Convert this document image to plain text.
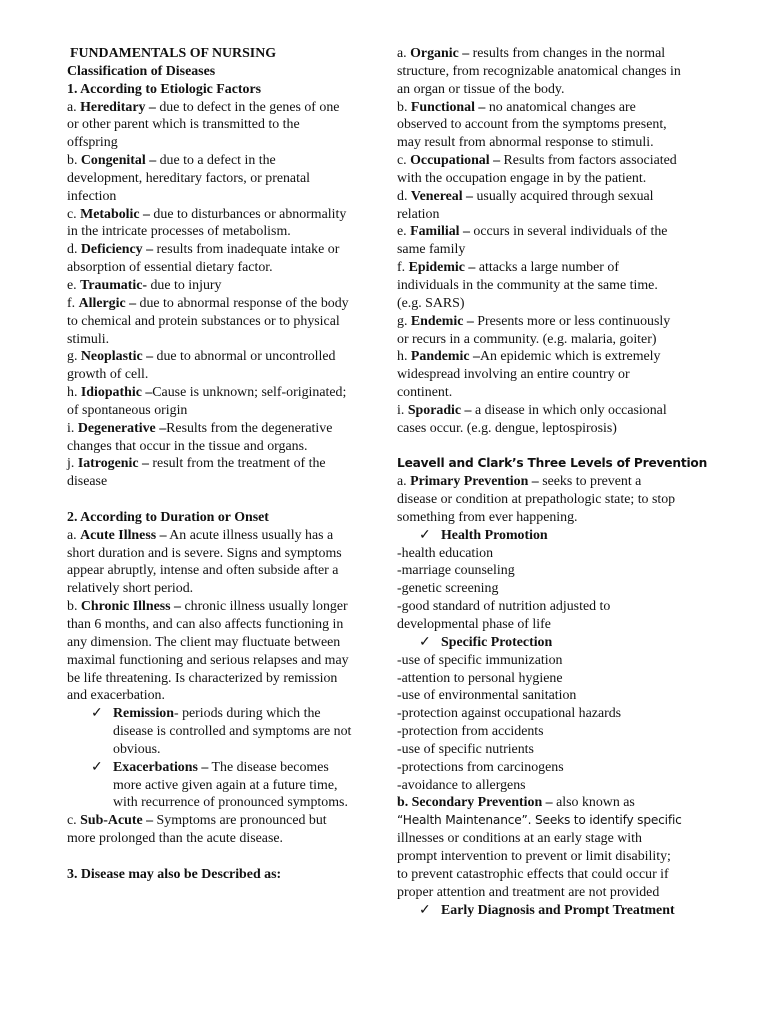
FUNDAMENTALS OF NURSING
Classification of Diseases
1. According to Etiologic Factors
a. Hereditary – due to defect in the genes of one
or other parent which is transmitted to the
offspring
b. Congenital – due to a defect in the
development, hereditary factors, or prenatal
infection
c. Metabolic – due to disturbances or abnormality
in the intricate processes of metabolism.
d. Deficiency – results from inadequate intake or
absorption of essential dietary factor.
e. Traumatic- due to injury
f. Allergic – due to abnormal response of the body
to chemical and protein substances or to physical
stimuli.
g. Neoplastic – due to abnormal or uncontrolled
growth of cell.
h. Idiopathic –Cause is unknown; self-originated;
of spontaneous origin
i. Degenerative –Results from the degenerative
changes that occur in the tissue and organs.
j. Iatrogenic – result from the treatment of the
disease
2. According to Duration or Onset
a. Acute Illness – An acute illness usually has a
short duration and is severe. Signs and symptoms
appear abruptly, intense and often subside after a
relatively short period.
b. Chronic Illness – chronic illness usually longer
than 6 months, and can also affects functioning in
any dimension. The client may fluctuate between
maximal functioning and serious relapses and may
be life threatening. Is characterized by remission
and exacerbation.
✓ Remission- periods during which the
disease is controlled and symptoms are not
obvious.
✓ Exacerbations – The disease becomes
more active given again at a future time,
with recurrence of pronounced symptoms.
c. Sub-Acute – Symptoms are pronounced but
more prolonged than the acute disease.
3. Disease may also be Described as:
a. Organic – results from changes in the normal
structure, from recognizable anatomical changes in
an organ or tissue of the body.
b. Functional – no anatomical changes are
observed to account from the symptoms present,
may result from abnormal response to stimuli.
c. Occupational – Results from factors associated
with the occupation engage in by the patient.
d. Venereal – usually acquired through sexual
relation
e. Familial – occurs in several individuals of the
same family
f. Epidemic – attacks a large number of
individuals in the community at the same time.
(e.g. SARS)
g. Endemic – Presents more or less continuously
or recurs in a community. (e.g. malaria, goiter)
h. Pandemic –An epidemic which is extremely
widespread involving an entire country or
continent.
i. Sporadic – a disease in which only occasional
cases occur. (e.g. dengue, leptospirosis)
Leavell and Clark’s Three Levels of Prevention
a. Primary Prevention – seeks to prevent a
disease or condition at prepathologic state; to stop
something from ever happening.
✓ Health Promotion
-health education
-marriage counseling
-genetic screening
-good standard of nutrition adjusted to
developmental phase of life
✓ Specific Protection
-use of specific immunization
-attention to personal hygiene
-use of environmental sanitation
-protection against occupational hazards
-protection from accidents
-use of specific nutrients
-protections from carcinogens
-avoidance to allergens
b. Secondary Prevention – also known as
“Health Maintenance”. Seeks to identify specific
illnesses or conditions at an early stage with
prompt intervention to prevent or limit disability;
to prevent catastrophic effects that could occur if
proper attention and treatment are not provided
✓ Early Diagnosis and Prompt Treatment
